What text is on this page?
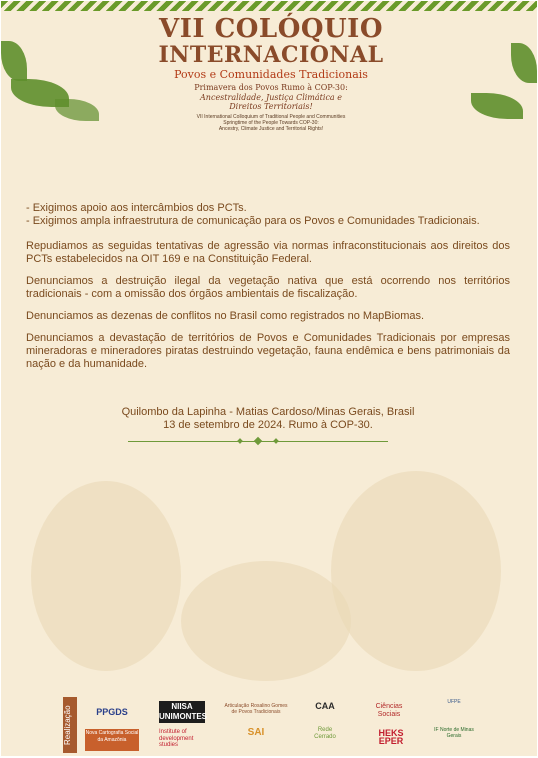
VII COLÓQUIO
INTERNACIONAL
Povos e Comunidades Tradicionais
Primavera dos Povos Rumo à COP-30:
Ancestralidade, Justiça Climática e
Direitos Territoriais!
VII International Colloquium of Traditional People and Communities
Springtime of the People Towards COP-30:
Ancestry, Climate Justice and Territorial Rights!

- Exigimos apoio aos intercâmbios dos PCTs.

- Exigimos ampla infraestrutura de comunicação para os Povos e Comunidades Tradicionais.

Repudiamos as seguidas tentativas de agressão via normas infraconstitucionais aos direitos dos PCTs estabelecidos na OIT 169 e na Constituição Federal.

Denunciamos a destruição ilegal da vegetação nativa que está ocorrendo nos territórios tradicionais - com a omissão dos órgãos ambientais de fiscalização.

Denunciamos as dezenas de conflitos no Brasil como registrados no MapBiomas.

Denunciamos a devastação de territórios de Povos e Comunidades Tradicionais por empresas mineradoras e mineradores piratas destruindo vegetação, fauna endêmica e bens patrimoniais da nação e da humanidade.

Quilombo da Lapinha - Matias Cardoso/Minas Gerais, Brasil
13 de setembro de 2024. Rumo à COP-30.
Realização	PPGDS
Nova Cartografia Social da Amazônia
NIISA UNIMONTES
Institute of development studies
Articulação Rosalino Gomes de Povos Tradicionais
SAI
CAA
Rede Cerrado
Ciências Sociais
HEKS EPER
UFPE
IF Norte de Minas Gerais
